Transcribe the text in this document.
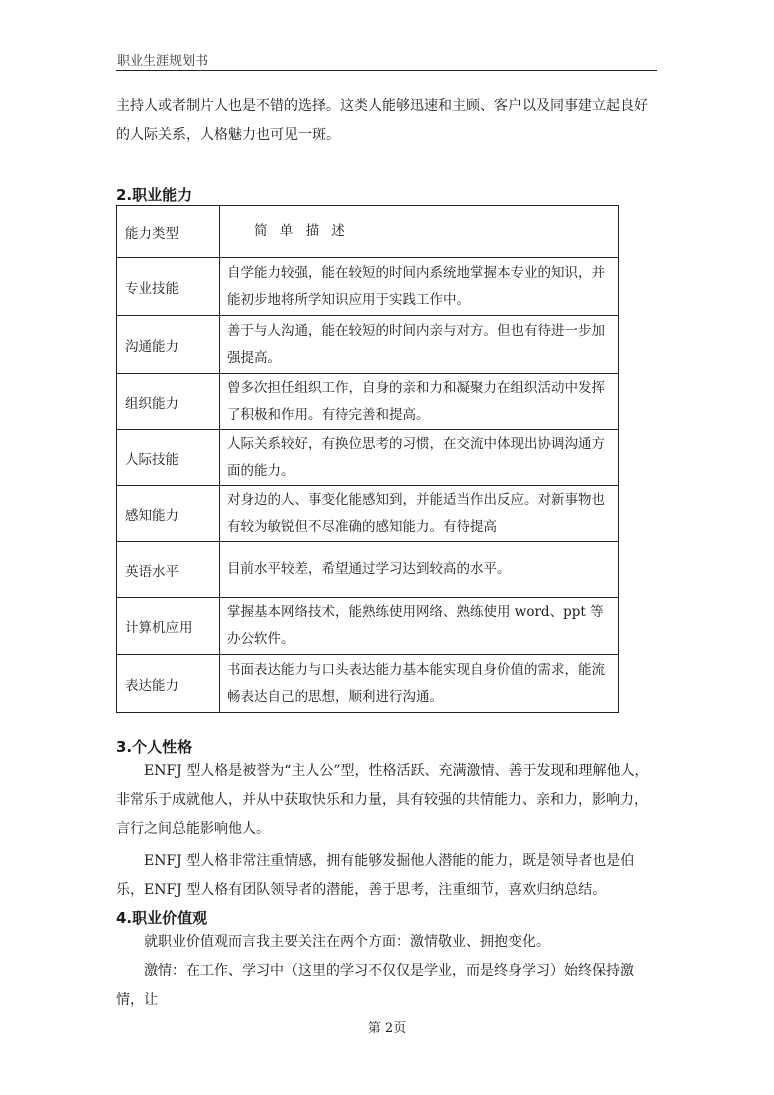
职业生涯规划书

主持人或者制片人也是不错的选择。这类人能够迅速和主顾、客户以及同事建立起良好的人际关系，人格魅力也可见一斑。

2.职业能力
能力类型	简 单 描 述
专业技能	自学能力较强，能在较短的时间内系统地掌握本专业的知识，并能初步地将所学知识应用于实践工作中。
沟通能力	善于与人沟通，能在较短的时间内亲与对方。但也有待进一步加强提高。
组织能力	曾多次担任组织工作，自身的亲和力和凝聚力在组织活动中发挥了积极和作用。有待完善和提高。
人际技能	人际关系较好，有换位思考的习惯，在交流中体现出协调沟通方面的能力。
感知能力	对身边的人、事变化能感知到，并能适当作出反应。对新事物也有较为敏锐但不尽准确的感知能力。有待提高
英语水平	目前水平较差，希望通过学习达到较高的水平。
计算机应用	掌握基本网络技术，能熟练使用网络、熟练使用 word、ppt 等办公软件。
表达能力	书面表达能力与口头表达能力基本能实现自身价值的需求，能流畅表达自己的思想，顺利进行沟通。
3.个人性格

ENFJ 型人格是被誉为“主人公”型，性格活跃、充满激情、善于发现和理解他人，非常乐于成就他人，并从中获取快乐和力量，具有较强的共情能力、亲和力，影响力，言行之间总能影响他人。

ENFJ 型人格非常注重情感，拥有能够发掘他人潜能的能力，既是领导者也是伯乐，ENFJ 型人格有团队领导者的潜能，善于思考，注重细节，喜欢归纳总结。

4.职业价值观

就职业价值观而言我主要关注在两个方面：激情敬业、拥抱变化。

激情：在工作、学习中（这里的学习不仅仅是学业，而是终身学习）始终保持激情，让

第 2页
